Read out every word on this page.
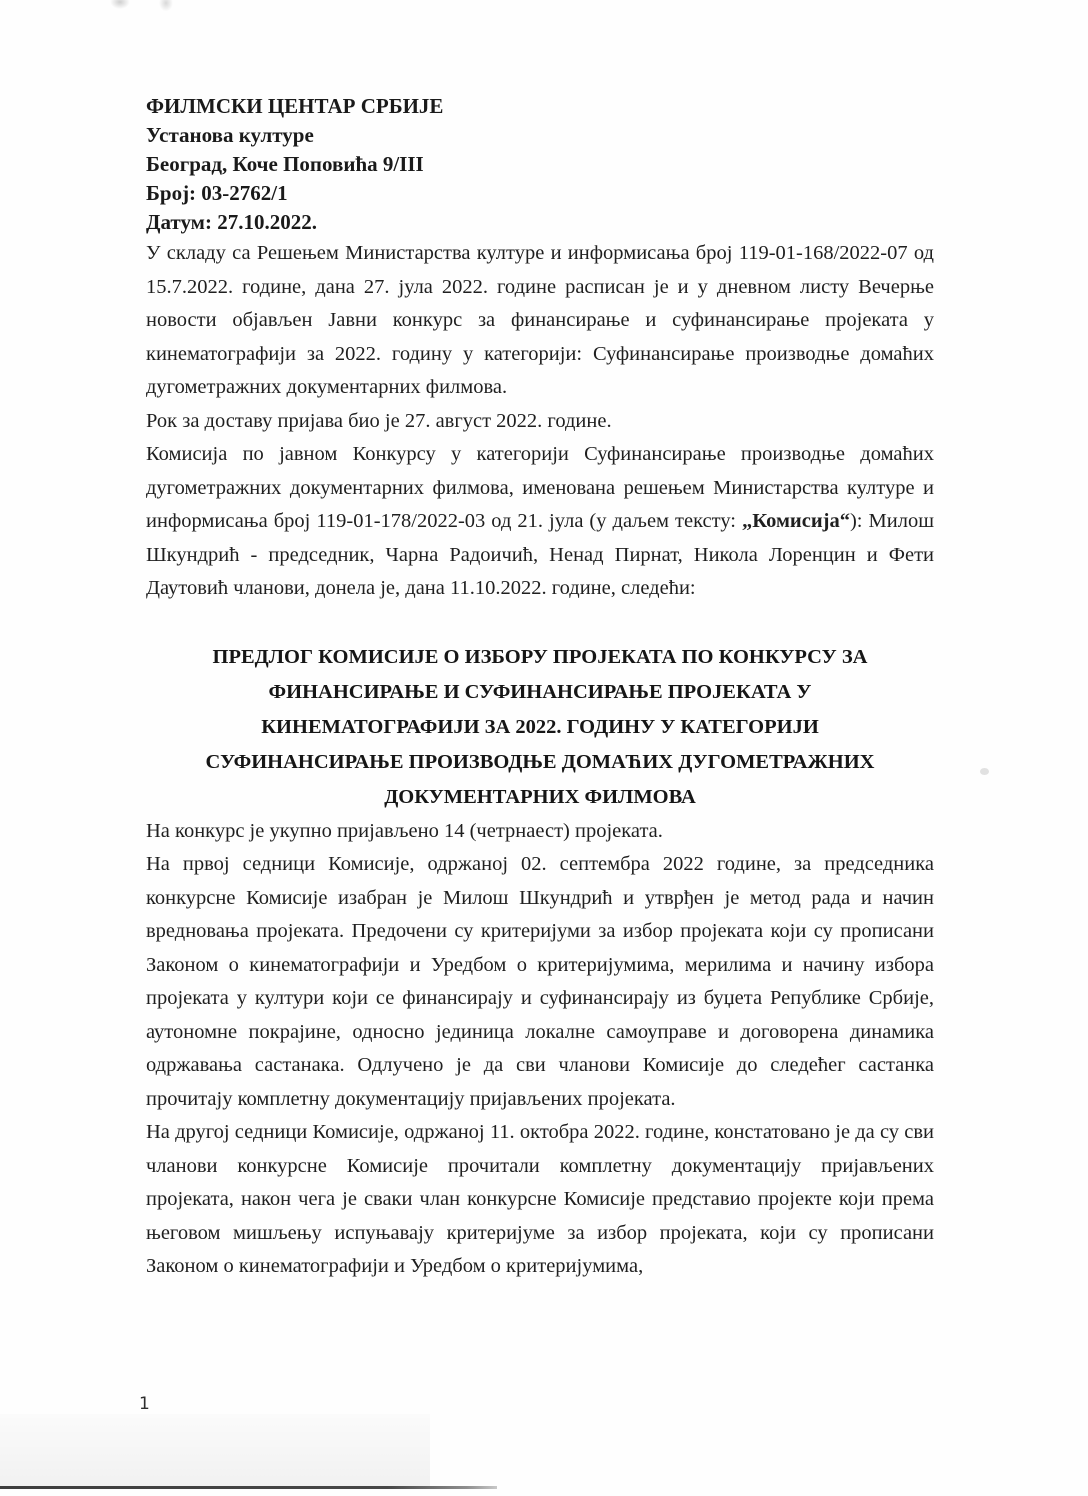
ФИЛМСКИ ЦЕНТАР СРБИЈЕ
Установа културе
Београд, Коче Поповића 9/III
Број: 03-2762/1
Датум: 27.10.2022.

У складу са Решењем Министарства културе и информисања број 119-01-168/2022-07 од 15.7.2022. године, дана 27. јула 2022. године расписан је и у дневном листу Вечерње новости објављен Јавни конкурс за финансирање и суфинансирање пројеката у кинематографији за 2022. годину у категорији: Суфинансирање производње домаћих дугометражних документарних филмова.

Рок за доставу пријава био је 27. август 2022. године.

Комисија по јавном Конкурсу у категорији Суфинансирање производње домаћих дугометражних документарних филмова, именована решењем Министарства културе и информисања број 119-01-178/2022-03 од 21. јула (у даљем тексту: „Комисија“): Милош Шкундрић - председник, Чарна Радоичић, Ненад Пирнат, Никола Лоренцин и Фети Даутовић чланови, донела је, дана 11.10.2022. године, следећи:

ПРЕДЛОГ КОМИСИЈЕ О ИЗБОРУ ПРОЈЕКАТА ПО КОНКУРСУ ЗА ФИНАНСИРАЊЕ И СУФИНАНСИРАЊЕ ПРОЈЕКАТА У КИНЕМАТОГРАФИЈИ ЗА 2022. ГОДИНУ У КАТЕГОРИЈИ СУФИНАНСИРАЊЕ ПРОИЗВОДЊЕ ДОМАЋИХ ДУГОМЕТРАЖНИХ ДОКУМЕНТАРНИХ ФИЛМОВА

На конкурс је укупно пријављено 14 (четрнаест) пројеката.

На првој седници Комисије, одржаној 02. септембра 2022 године, за председника конкурсне Комисије изабран је Милош Шкундрић и утврђен је метод рада и начин вредновања пројеката. Предочени су критеријуми за избор пројеката који су прописани Законом о кинематографији и Уредбом о критеријумима, мерилима и начину избора пројеката у култури који се финансирају и суфинансирају из буџета Републике Србије, аутономне покрајине, односно јединица локалне самоуправе и договорена динамика одржавања састанака. Одлучено је да сви чланови Комисије до следећег састанка прочитају комплетну документацију пријављених пројеката.

На другој седници Комисије, одржаној 11. октобра 2022. године, констатовано је да су сви чланови конкурсне Комисије прочитали комплетну документацију пријављених пројеката, након чега је сваки члан конкурсне Комисије представио пројекте који према његовом мишљењу испуњавају критеријуме за избор пројеката, који су прописани Законом о кинематографији и Уредбом о критеријумима,

1
